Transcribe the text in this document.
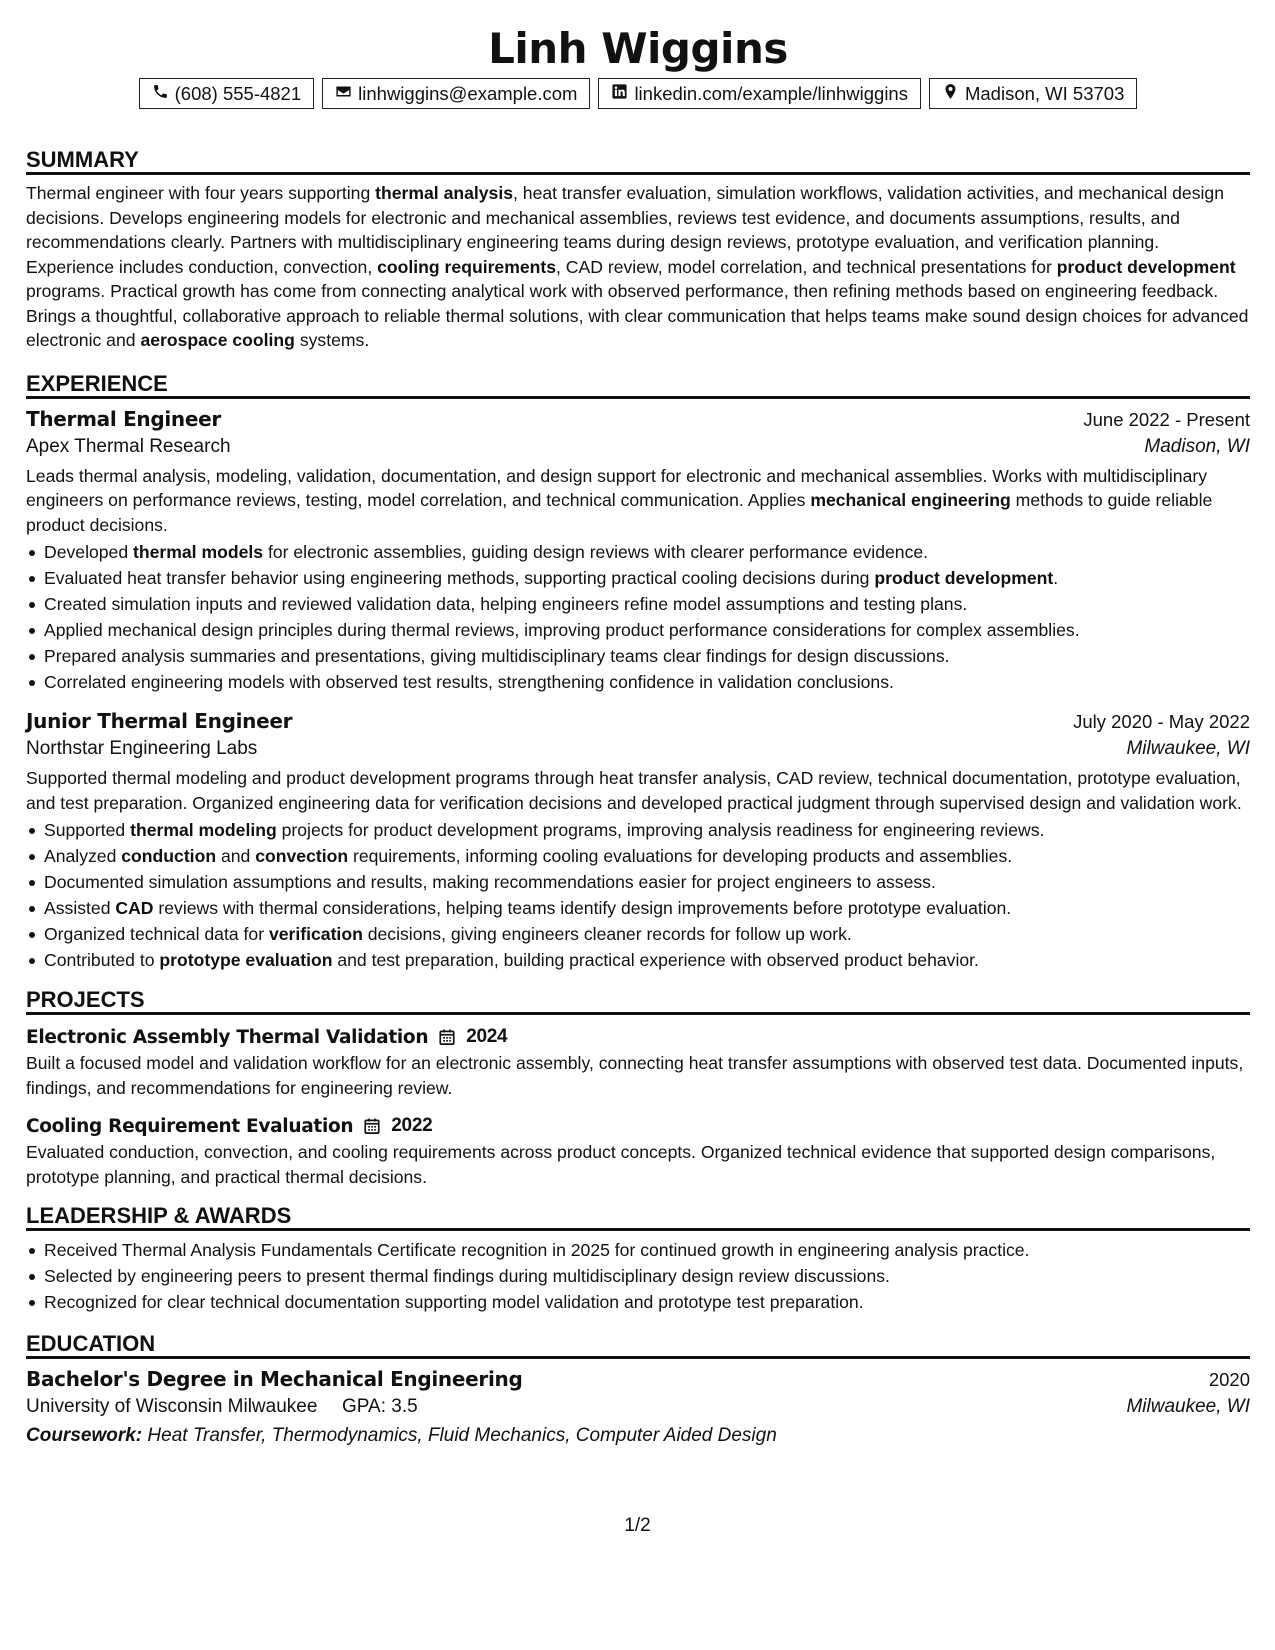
Linh Wiggins
(608) 555-4821	linhwiggins@example.com	linkedin.com/example/linhwiggins	Madison, WI 53703
SUMMARY

Thermal engineer with four years supporting thermal analysis, heat transfer evaluation, simulation workflows, validation activities, and mechanical design decisions. Develops engineering models for electronic and mechanical assemblies, reviews test evidence, and documents assumptions, results, and recommendations clearly. Partners with multidisciplinary engineering teams during design reviews, prototype evaluation, and verification planning. Experience includes conduction, convection, cooling requirements, CAD review, model correlation, and technical presentations for product development programs. Practical growth has come from connecting analytical work with observed performance, then refining methods based on engineering feedback. Brings a thoughtful, collaborative approach to reliable thermal solutions, with clear communication that helps teams make sound design choices for advanced electronic and aerospace cooling systems.

EXPERIENCE
Thermal Engineer	June 2022 - Present
Apex Thermal Research	Madison, WI

Leads thermal analysis, modeling, validation, documentation, and design support for electronic and mechanical assemblies. Works with multidisciplinary engineers on performance reviews, testing, model correlation, and technical communication. Applies mechanical engineering methods to guide reliable product decisions.

Developed thermal models for electronic assemblies, guiding design reviews with clearer performance evidence.
Evaluated heat transfer behavior using engineering methods, supporting practical cooling decisions during product development.
Created simulation inputs and reviewed validation data, helping engineers refine model assumptions and testing plans.
Applied mechanical design principles during thermal reviews, improving product performance considerations for complex assemblies.
Prepared analysis summaries and presentations, giving multidisciplinary teams clear findings for design discussions.
Correlated engineering models with observed test results, strengthening confidence in validation conclusions.
Junior Thermal Engineer	July 2020 - May 2022
Northstar Engineering Labs	Milwaukee, WI

Supported thermal modeling and product development programs through heat transfer analysis, CAD review, technical documentation, prototype evaluation, and test preparation. Organized engineering data for verification decisions and developed practical judgment through supervised design and validation work.

Supported thermal modeling projects for product development programs, improving analysis readiness for engineering reviews.
Analyzed conduction and convection requirements, informing cooling evaluations for developing products and assemblies.
Documented simulation assumptions and results, making recommendations easier for project engineers to assess.
Assisted CAD reviews with thermal considerations, helping teams identify design improvements before prototype evaluation.
Organized technical data for verification decisions, giving engineers cleaner records for follow up work.
Contributed to prototype evaluation and test preparation, building practical experience with observed product behavior.
PROJECTS
Electronic Assembly Thermal Validation 2024

Built a focused model and validation workflow for an electronic assembly, connecting heat transfer assumptions with observed test data. Documented inputs, findings, and recommendations for engineering review.

Cooling Requirement Evaluation 2022

Evaluated conduction, convection, and cooling requirements across product concepts. Organized technical evidence that supported design comparisons, prototype planning, and practical thermal decisions.

LEADERSHIP & AWARDS
Received Thermal Analysis Fundamentals Certificate recognition in 2025 for continued growth in engineering analysis practice.
Selected by engineering peers to present thermal findings during multidisciplinary design review discussions.
Recognized for clear technical documentation supporting model validation and prototype test preparation.
EDUCATION
Bachelor's Degree in Mechanical Engineering	2020
University of Wisconsin Milwaukee GPA: 3.5	Milwaukee, WI
Coursework: Heat Transfer, Thermodynamics, Fluid Mechanics, Computer Aided Design
1/2
